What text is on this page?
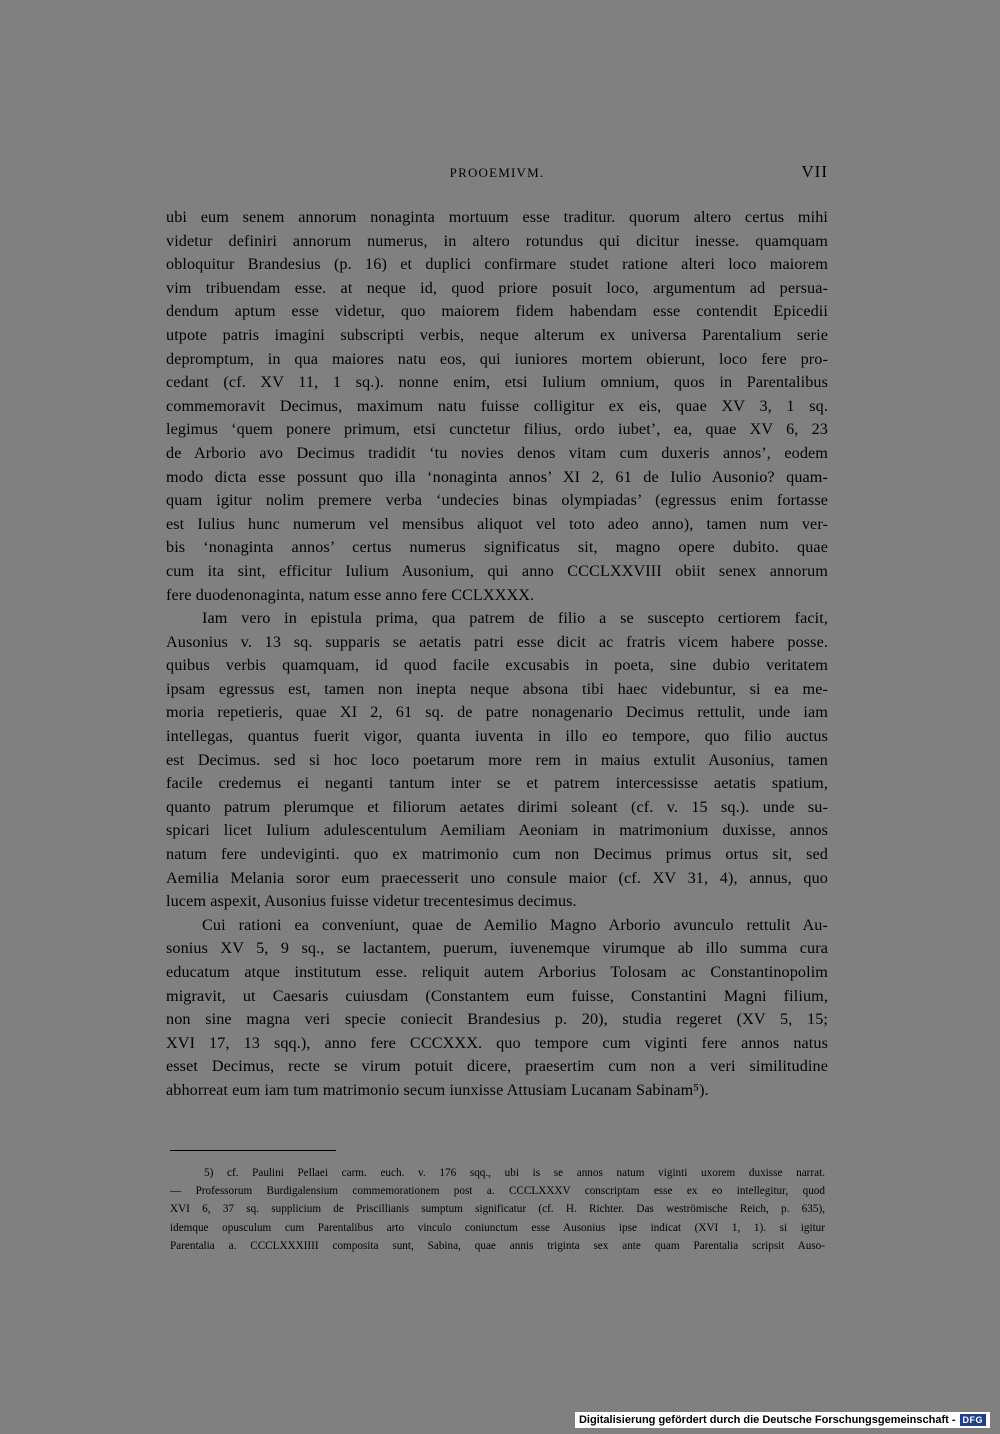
PROOEMIVM.	VII
ubi eum senem annorum nonaginta mortuum esse traditur. quorum altero certus mihi
videtur definiri annorum numerus, in altero rotundus qui dicitur inesse. quamquam
obloquitur Brandesius (p. 16) et duplici confirmare studet ratione alteri loco maiorem
vim tribuendam esse. at neque id, quod priore posuit loco, argumentum ad persua-
dendum aptum esse videtur, quo maiorem fidem habendam esse contendit Epicedii
utpote patris imagini subscripti verbis, neque alterum ex universa Parentalium serie
depromptum, in qua maiores natu eos, qui iuniores mortem obierunt, loco fere pro-
cedant (cf. XV 11, 1 sq.). nonne enim, etsi Iulium omnium, quos in Parentalibus
commemoravit Decimus, maximum natu fuisse colligitur ex eis, quae XV 3, 1 sq.
legimus ‘quem ponere primum, etsi cunctetur filius, ordo iubet’, ea, quae XV 6, 23
de Arborio avo Decimus tradidit ‘tu novies denos vitam cum duxeris annos’, eodem
modo dicta esse possunt quo illa ‘nonaginta annos’ XI 2, 61 de Iulio Ausonio? quam-
quam igitur nolim premere verba ‘undecies binas olympiadas’ (egressus enim fortasse
est Iulius hunc numerum vel mensibus aliquot vel toto adeo anno), tamen num ver-
bis ‘nonaginta annos’ certus numerus significatus sit, magno opere dubito. quae
cum ita sint, efficitur Iulium Ausonium, qui anno CCCLXXVIII obiit senex annorum
fere duodenonaginta, natum esse anno fere CCLXXXX.
Iam vero in epistula prima, qua patrem de filio a se suscepto certiorem facit,
Ausonius v. 13 sq. supparis se aetatis patri esse dicit ac fratris vicem habere posse.
quibus verbis quamquam, id quod facile excusabis in poeta, sine dubio veritatem
ipsam egressus est, tamen non inepta neque absona tibi haec videbuntur, si ea me-
moria repetieris, quae XI 2, 61 sq. de patre nonagenario Decimus rettulit, unde iam
intellegas, quantus fuerit vigor, quanta iuventa in illo eo tempore, quo filio auctus
est Decimus. sed si hoc loco poetarum more rem in maius extulit Ausonius, tamen
facile credemus ei neganti tantum inter se et patrem intercessisse aetatis spatium,
quanto patrum plerumque et filiorum aetates dirimi soleant (cf. v. 15 sq.). unde su-
spicari licet Iulium adulescentulum Aemiliam Aeoniam in matrimonium duxisse, annos
natum fere undeviginti. quo ex matrimonio cum non Decimus primus ortus sit, sed
Aemilia Melania soror eum praecesserit uno consule maior (cf. XV 31, 4), annus, quo
lucem aspexit, Ausonius fuisse videtur trecentesimus decimus.
Cui rationi ea conveniunt, quae de Aemilio Magno Arborio avunculo rettulit Au-
sonius XV 5, 9 sq., se lactantem, puerum, iuvenemque virumque ab illo summa cura
educatum atque institutum esse. reliquit autem Arborius Tolosam ac Constantinopolim
migravit, ut Caesaris cuiusdam (Constantem eum fuisse, Constantini Magni filium,
non sine magna veri specie coniecit Brandesius p. 20), studia regeret (XV 5, 15;
XVI 17, 13 sqq.), anno fere CCCXXX. quo tempore cum viginti fere annos natus
esset Decimus, recte se virum potuit dicere, praesertim cum non a veri similitudine
abhorreat eum iam tum matrimonio secum iunxisse Attusiam Lucanam Sabinam⁵).
5) cf. Paulini Pellaei carm. euch. v. 176 sqq., ubi is se annos natum viginti uxorem duxisse narrat.
— Professorum Burdigalensium commemorationem post a. CCCLXXXV conscriptam esse ex eo intellegitur, quod
XVI 6, 37 sq. supplicium de Priscillianis sumptum significatur (cf. H. Richter. Das weströmische Reich, p. 635),
idemque opusculum cum Parentalibus arto vinculo coniunctum esse Ausonius ipse indicat (XVI 1, 1). si igitur
Parentalia a. CCCLXXXIIII composita sunt, Sabina, quae annis triginta sex ante quam Parentalia scripsit Auso-
Digitalisierung gefördert durch die Deutsche Forschungsgemeinschaft - DFG
